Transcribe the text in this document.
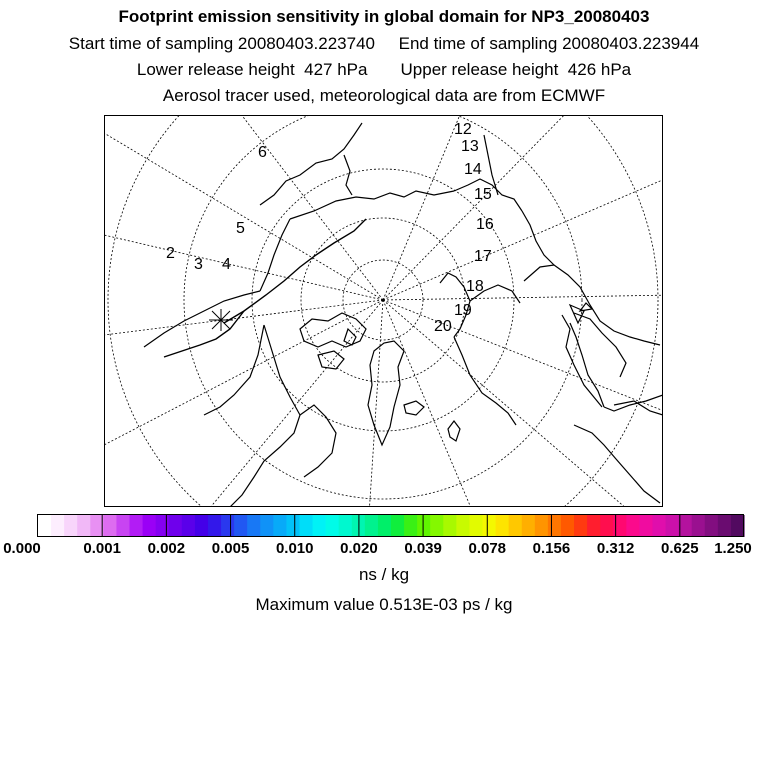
Footprint emission sensitivity in global domain for NP3_20080403
Start time of sampling 20080403.223740     End time of sampling 20080403.223944
Lower release height  427 hPa       Upper release height  426 hPa
Aerosol tracer used, meteorological data are from ECMWF
2
3 4
5
6
12
13
14
15
16
17
18
19
20
0.000	0.001 0.002 0.005 0.010 0.020 0.039 0.078 0.156 0.312 0.625 1.250
ns / kg
Maximum value 0.513E-03 ps / kg
